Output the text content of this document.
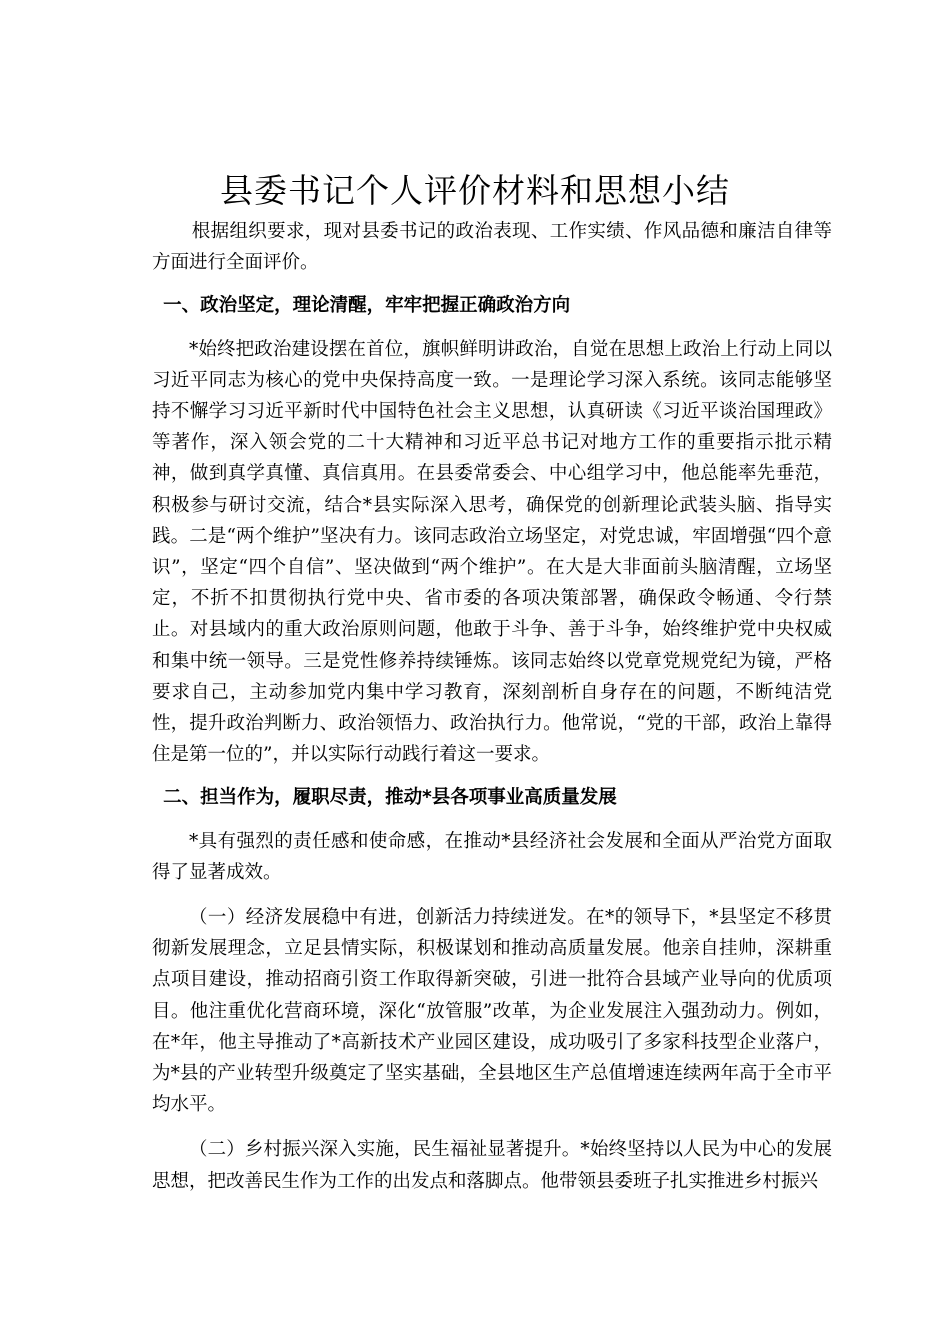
县委书记个人评价材料和思想小结

根据组织要求，现对县委书记的政治表现、工作实绩、作风品德和廉洁自律等方面进行全面评价。

一、政治坚定，理论清醒，牢牢把握正确政治方向

*始终把政治建设摆在首位，旗帜鲜明讲政治，自觉在思想上政治上行动上同以习近平同志为核心的党中央保持高度一致。一是理论学习深入系统。该同志能够坚持不懈学习习近平新时代中国特色社会主义思想，认真研读《习近平谈治国理政》等著作，深入领会党的二十大精神和习近平总书记对地方工作的重要指示批示精神，做到真学真懂、真信真用。在县委常委会、中心组学习中，他总能率先垂范，积极参与研讨交流，结合*县实际深入思考，确保党的创新理论武装头脑、指导实践。二是“两个维护”坚决有力。该同志政治立场坚定，对党忠诚，牢固增强“四个意识”，坚定“四个自信”、坚决做到“两个维护”。在大是大非面前头脑清醒，立场坚定，不折不扣贯彻执行党中央、省市委的各项决策部署，确保政令畅通、令行禁止。对县域内的重大政治原则问题，他敢于斗争、善于斗争，始终维护党中央权威和集中统一领导。三是党性修养持续锤炼。该同志始终以党章党规党纪为镜，严格要求自己，主动参加党内集中学习教育，深刻剖析自身存在的问题，不断纯洁党性，提升政治判断力、政治领悟力、政治执行力。他常说，“党的干部，政治上靠得住是第一位的”，并以实际行动践行着这一要求。

二、担当作为，履职尽责，推动*县各项事业高质量发展

*具有强烈的责任感和使命感，在推动*县经济社会发展和全面从严治党方面取得了显著成效。

（一）经济发展稳中有进，创新活力持续迸发。在*的领导下，*县坚定不移贯彻新发展理念，立足县情实际，积极谋划和推动高质量发展。他亲自挂帅，深耕重点项目建设，推动招商引资工作取得新突破，引进一批符合县域产业导向的优质项目。他注重优化营商环境，深化“放管服”改革，为企业发展注入强劲动力。例如，在*年，他主导推动了*高新技术产业园区建设，成功吸引了多家科技型企业落户，为*县的产业转型升级奠定了坚实基础，全县地区生产总值增速连续两年高于全市平均水平。

（二）乡村振兴深入实施，民生福祉显著提升。*始终坚持以人民为中心的发展思想，把改善民生作为工作的出发点和落脚点。他带领县委班子扎实推进乡村振兴
